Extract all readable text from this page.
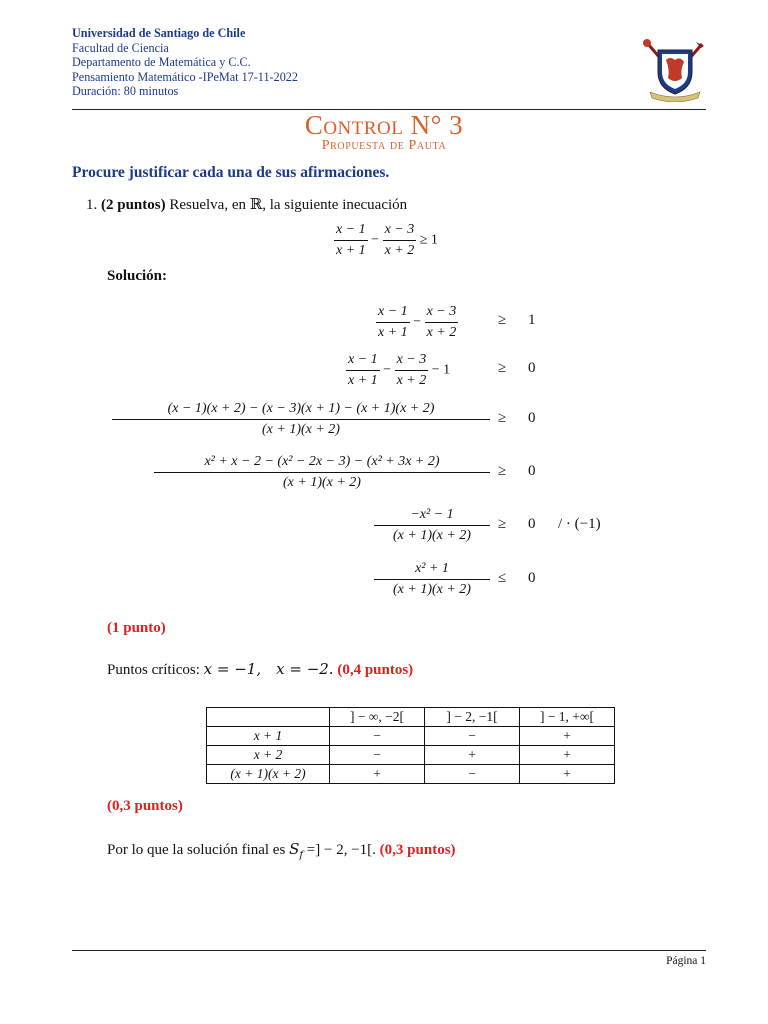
Universidad de Santiago de Chile
Facultad de Ciencia
Departamento de Matemática y C.C.
Pensamiento Matemático -IPeMat 17-11-2022
Duración: 80 minutos
Control N° 3
Propuesta de Pauta
Procure justificar cada una de sus afirmaciones.
1. (2 puntos) Resuelva, en ℝ, la siguiente inecuación
$\frac{x - 1}{x + 1} - \frac{x - 3}{x + 2} \ge 1$
Solución:
$\frac{x - 1}{x + 1} - \frac{x - 3}{x + 2}$	≥ 1
$\frac{x - 1}{x + 1} - \frac{x - 3}{x + 2} - 1$	≥ 0
$\frac{(x - 1)(x + 2) - (x - 3)(x + 1) - (x + 1)(x + 2)}{(x + 1)(x + 2)} \ge 0$
$\frac{\text{x² + x − 2 − (x² − 2x − 3) − (x² + 3x + 2)}}{(x + 1)(x + 2)} \ge 0$
$\frac{\text{−x² − 1}}{(x + 1)(x + 2)} \ge 0$ / · (−1)
$\frac{\text{x² + 1}}{(x + 1)(x + 2)} \le 0$
(1 punto)
Puntos críticos: x = −1, x = −2. (0,4 puntos)
	] − ∞, −2[	] − 2, −1[	] − 1, +∞[
x + 1	−	−	+
x + 2	−	+	+
(x + 1)(x + 2)	+	−	+
(0,3 puntos)
Por lo que la solución final es $S_f$ =] − 2, −1[. (0,3 puntos)
Página 1
